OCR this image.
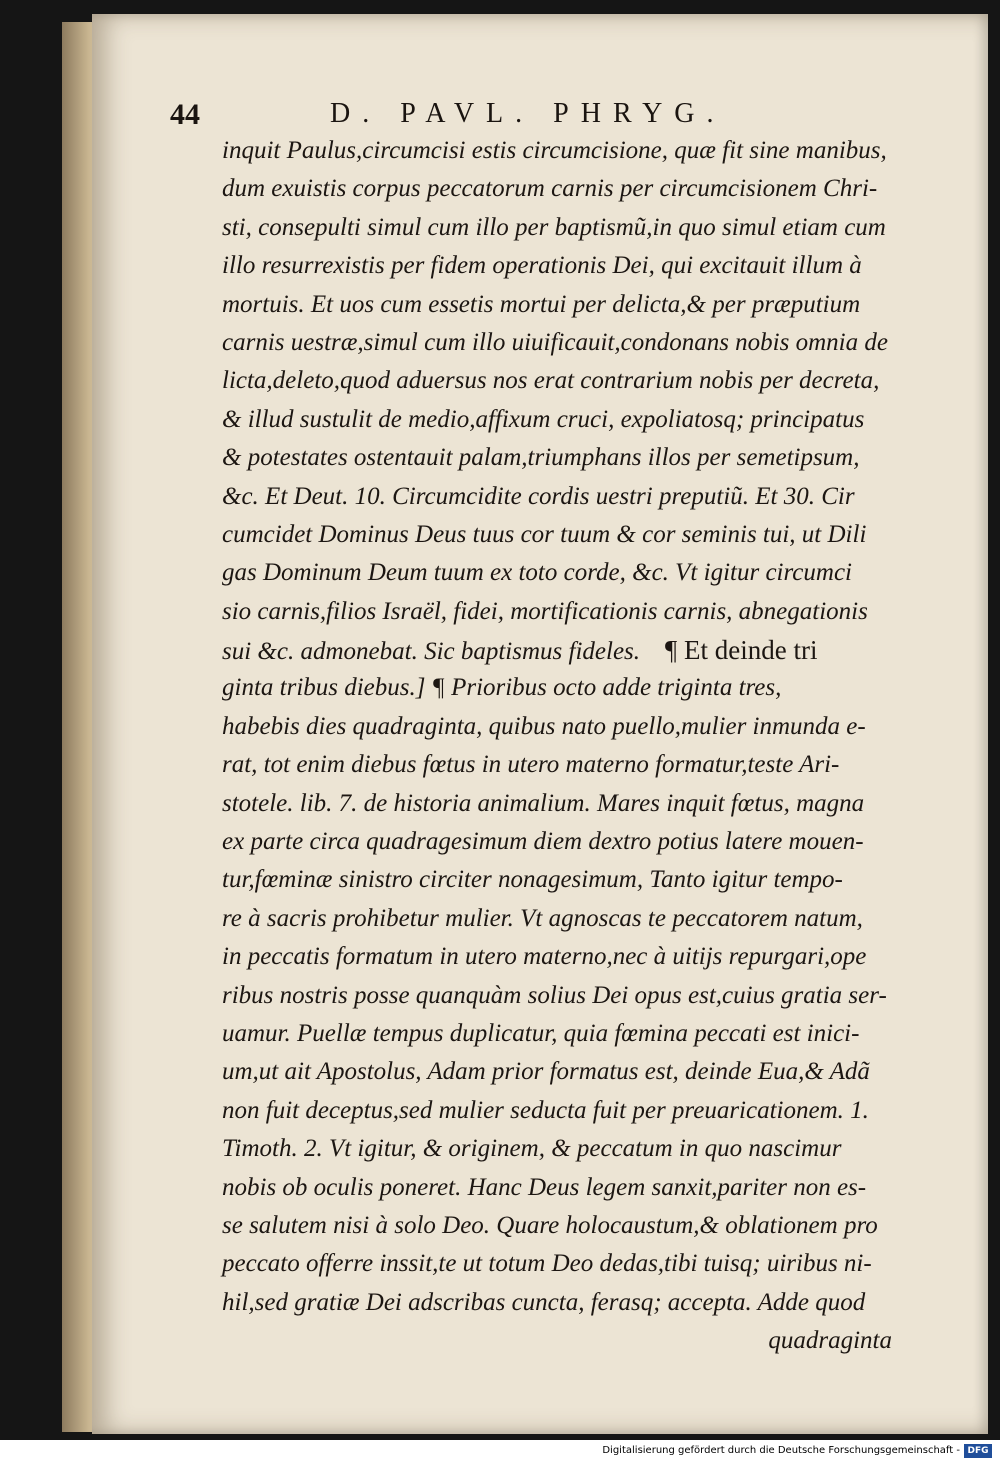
44	D. PAVL. PHRYG.
inquit Paulus,circumcisi estis circumcisione, quæ fit sine manibus,
dum exuistis corpus peccatorum carnis per circumcisionem Chri-
sti, consepulti simul cum illo per baptismũ,in quo simul etiam cum
illo resurrexistis per fidem operationis Dei, qui excitauit illum à
mortuis. Et uos cum essetis mortui per delicta,& per præputium
carnis uestræ,simul cum illo uiuificauit,condonans nobis omnia de
licta,deleto,quod aduersus nos erat contrarium nobis per decreta,
& illud sustulit de medio,affixum cruci, expoliatosq; principatus
& potestates ostentauit palam,triumphans illos per semetipsum,
&c. Et Deut. 10. Circumcidite cordis uestri preputiũ. Et 30. Cir
cumcidet Dominus Deus tuus cor tuum & cor seminis tui, ut Dili
gas Dominum Deum tuum ex toto corde, &c. Vt igitur circumci
sio carnis,filios Israël, fidei, mortificationis carnis, abnegationis
sui &c. admonebat. Sic baptismus fideles. ¶ Et deinde tri
ginta tribus diebus.] ¶ Prioribus octo adde triginta tres,
habebis dies quadraginta, quibus nato puello,mulier inmunda e-
rat, tot enim diebus fœtus in utero materno formatur,teste Ari-
stotele. lib. 7. de historia animalium. Mares inquit fœtus, magna
ex parte circa quadragesimum diem dextro potius latere mouen-
tur,fœminæ sinistro circiter nonagesimum, Tanto igitur tempo-
re à sacris prohibetur mulier. Vt agnoscas te peccatorem natum,
in peccatis formatum in utero materno,nec à uitijs repurgari,ope
ribus nostris posse quanquàm solius Dei opus est,cuius gratia ser-
uamur. Puellæ tempus duplicatur, quia fœmina peccati est inici-
um,ut ait Apostolus, Adam prior formatus est, deinde Eua,& Adã
non fuit deceptus,sed mulier seducta fuit per preuaricationem. 1.
Timoth. 2. Vt igitur, & originem, & peccatum in quo nascimur
nobis ob oculis poneret. Hanc Deus legem sanxit,pariter non es-
se salutem nisi à solo Deo. Quare holocaustum,& oblationem pro
peccato offerre inssit,te ut totum Deo dedas,tibi tuisq; uiribus ni-
hil,sed gratiæ Dei adscribas cuncta, ferasq; accepta. Adde quod
quadraginta
Digitalisierung gefördert durch die Deutsche Forschungsgemeinschaft - DFG
